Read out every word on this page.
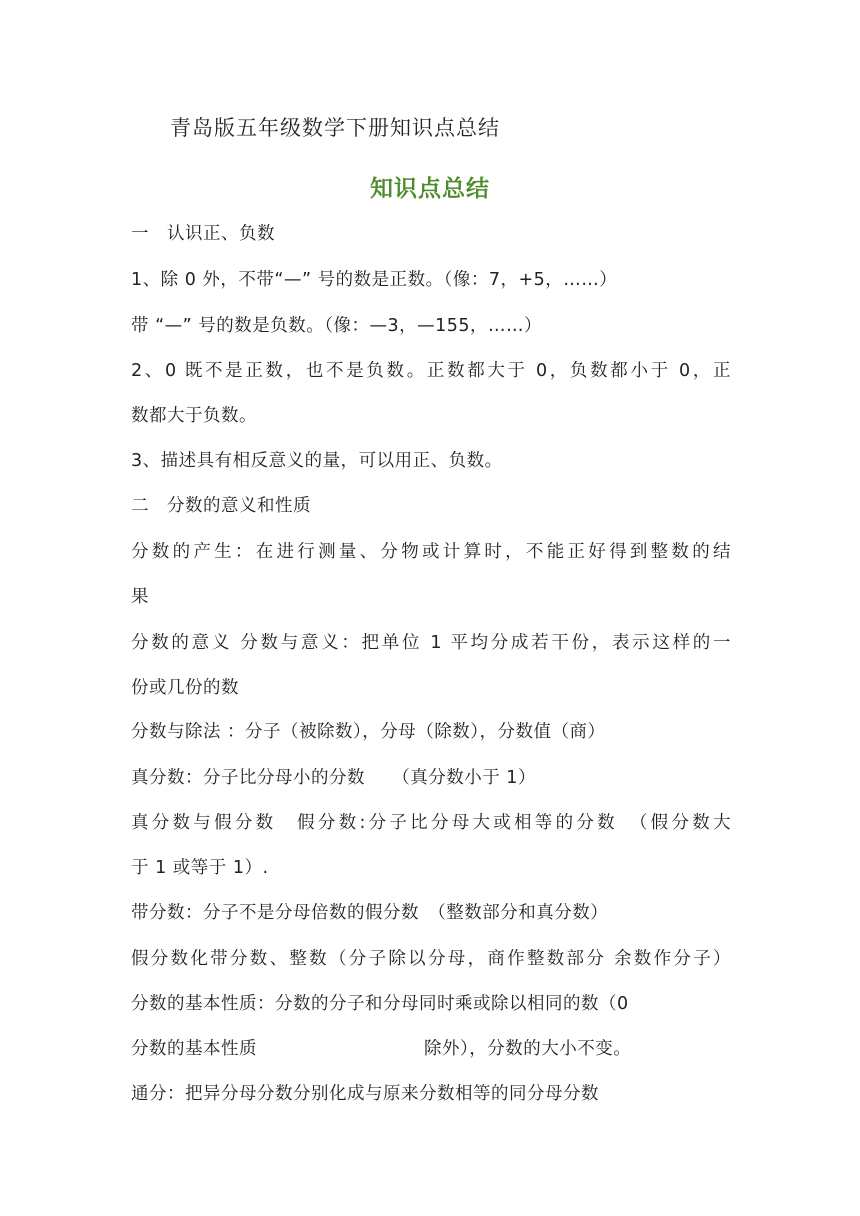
青岛版五年级数学下册知识点总结
知识点总结
一　认识正、负数
1、除 0 外，不带“—” 号的数是正数。（像：7，+5，……）
带 “—” 号的数是负数。（像：—3，—155，……）
2、0 既不是正数，也不是负数。正数都大于 0，负数都小于 0，正
数都大于负数。
3、描述具有相反意义的量，可以用正、负数。
二　分数的意义和性质
分数的产生：在进行测量、分物或计算时，不能正好得到整数的结
果
分数的意义 分数与意义：把单位 1 平均分成若干份，表示这样的一
份或几份的数
分数与除法 ：分子（被除数），分母（除数），分数值（商）
真分数：分子比分母小的分数　　（真分数小于 1）
真分数与假分数　假分数:分子比分母大或相等的分数　（假分数大
于 1 或等于 1）.
带分数：分子不是分母倍数的假分数　（整数部分和真分数）
假分数化带分数、整数（分子除以分母，商作整数部分 余数作分子）
分数的基本性质：分数的分子和分母同时乘或除以相同的数（0
分数的基本性质	除外），分数的大小不变。
通分：把异分母分数分别化成与原来分数相等的同分母分数
